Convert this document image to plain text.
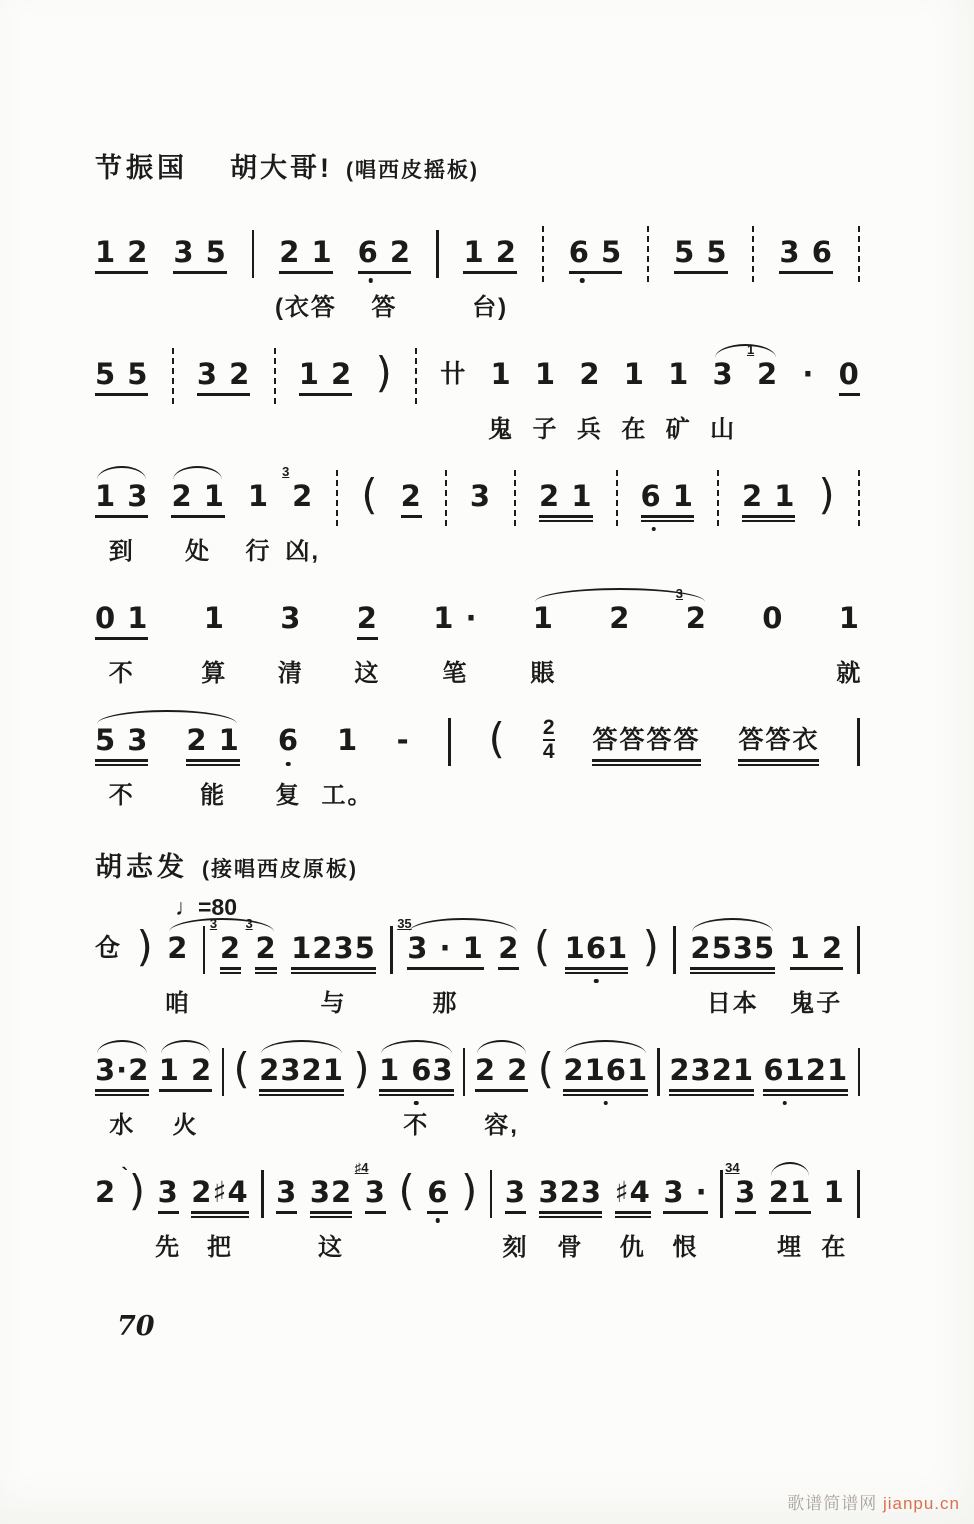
节振国 胡大哥! (唱西皮摇板)
1 2 3 5 2 1
(衣答
6 2
答
1 2
台)
6 5 5 5 3 6
5 5 3 2 1 2 ) 卄 1
鬼
1
子
2
兵
1
在
1
矿
3
山
1
2 · 0
1 3
到
2 1
处
1
行
3
2
凶,
( 2 3 2 1 6 1 2 1 )
0 1
不
1
算
3
清
2
这
1 ·
笔
1
賬
2
3
2 0 1
就
5 3
不
2 1
能
6
复
1
工。
- ( 2
4 答答答答 答答衣
胡志发 (接唱西皮原板)
♩=80
仓 ) 2
咱
3
2
3
2 1235
与
35
3 · 1
那
2 ( 161 ) 2535
日本
1 2
鬼子
3·2
水
1 2
火
( 2321 ) 1 63
不
2 2
容,
( 2161 2321 6121
`
2 ) 3
先
2♯4
把
3 32
这
♯4
3 ( 6 ) 3
刻
323
骨
♯4
仇
3 ·
恨
34
3 21
埋
1
在
70
歌谱简谱网 jianpu.cn
